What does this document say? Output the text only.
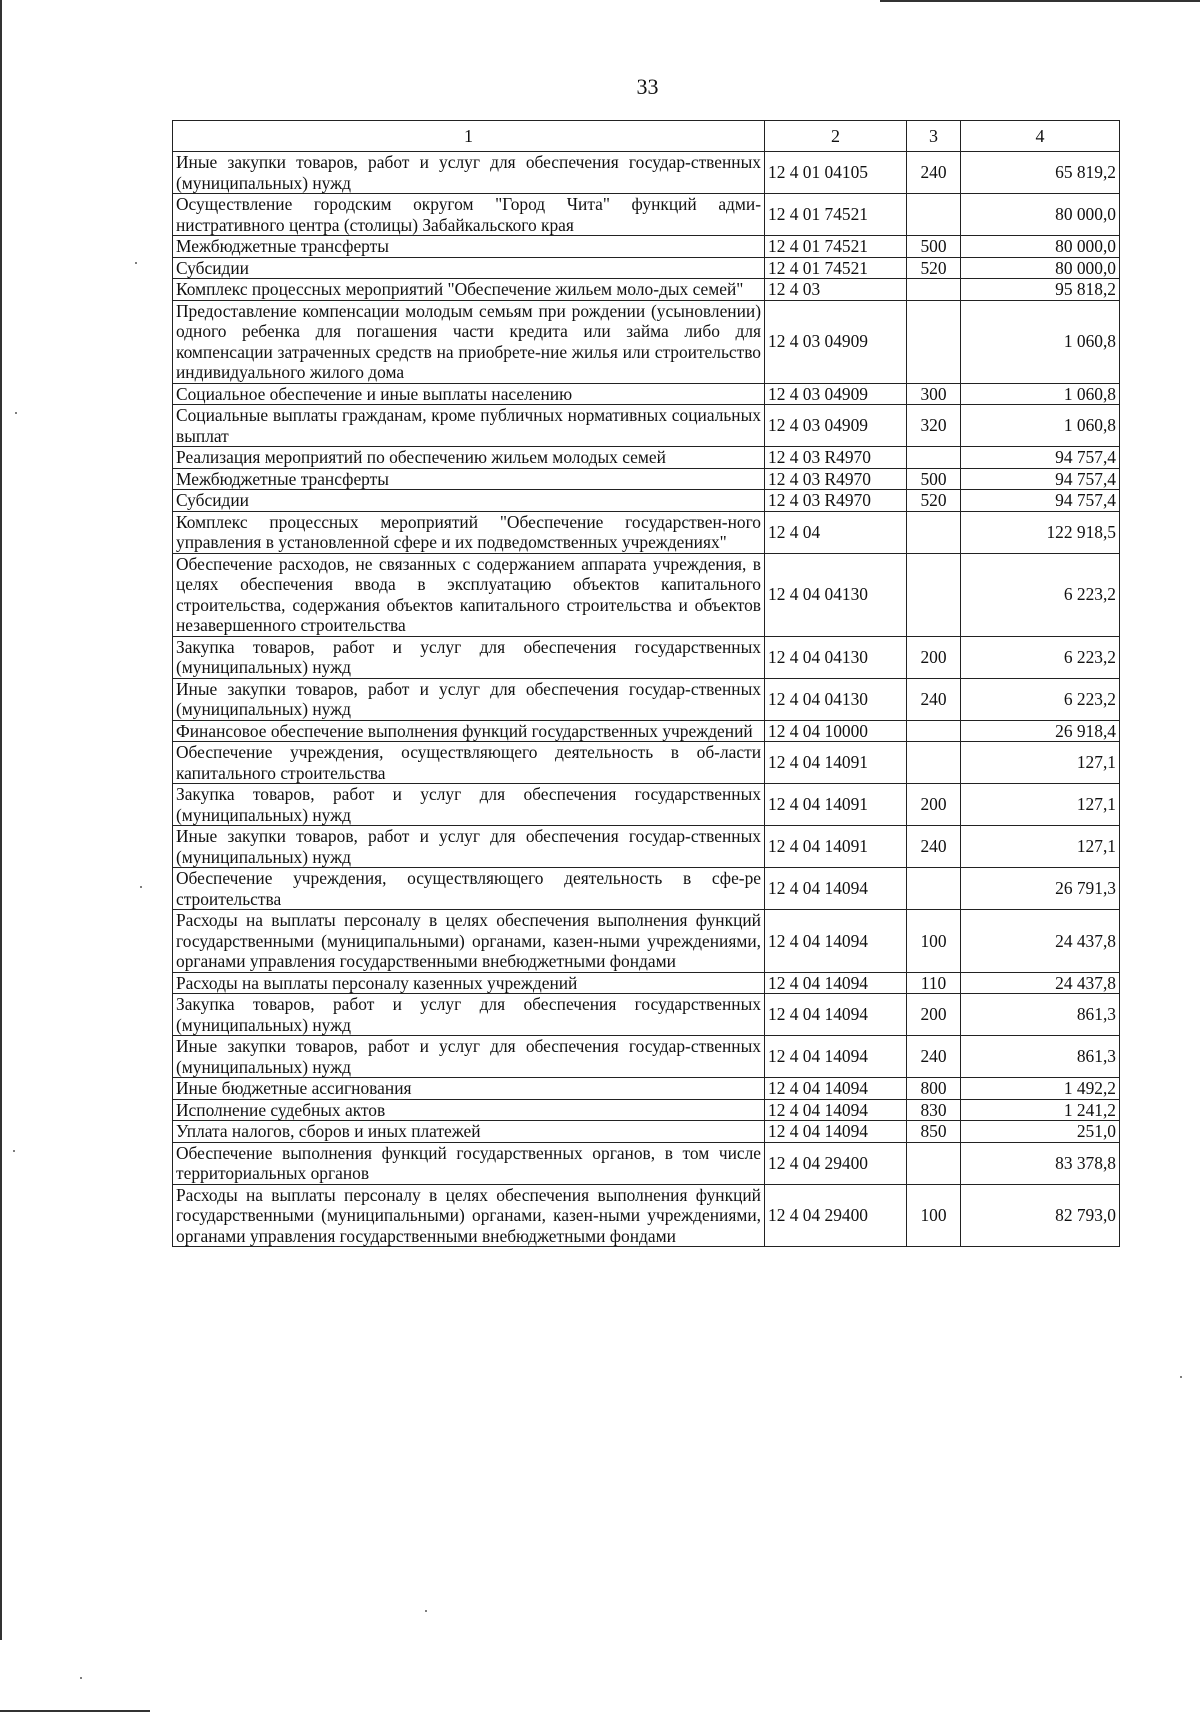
33
1	2	3	4
Иные закупки товаров, работ и услуг для обеспечения государ-ственных (муниципальных) нужд	12 4 01 04105	240	65 819,2
Осуществление городским округом "Город Чита" функций адми-нистративного центра (столицы) Забайкальского края	12 4 01 74521		80 000,0
Межбюджетные трансферты	12 4 01 74521	500	80 000,0
Субсидии	12 4 01 74521	520	80 000,0
Комплекс процессных мероприятий "Обеспечение жильем моло-дых семей"	12 4 03		95 818,2
Предоставление компенсации молодым семьям при рождении (усыновлении) одного ребенка для погашения части кредита или займа либо для компенсации затраченных средств на приобрете-ние жилья или строительство индивидуального жилого дома	12 4 03 04909		1 060,8
Социальное обеспечение и иные выплаты населению	12 4 03 04909	300	1 060,8
Социальные выплаты гражданам, кроме публичных нормативных социальных выплат	12 4 03 04909	320	1 060,8
Реализация мероприятий по обеспечению жильем молодых семей	12 4 03 R4970		94 757,4
Межбюджетные трансферты	12 4 03 R4970	500	94 757,4
Субсидии	12 4 03 R4970	520	94 757,4
Комплекс процессных мероприятий "Обеспечение государствен-ного управления в установленной сфере и их подведомственных учреждениях"	12 4 04		122 918,5
Обеспечение расходов, не связанных с содержанием аппарата учреждения, в целях обеспечения ввода в эксплуатацию объектов капитального строительства, содержания объектов капитального строительства и объектов незавершенного строительства	12 4 04 04130		6 223,2
Закупка товаров, работ и услуг для обеспечения государственных (муниципальных) нужд	12 4 04 04130	200	6 223,2
Иные закупки товаров, работ и услуг для обеспечения государ-ственных (муниципальных) нужд	12 4 04 04130	240	6 223,2
Финансовое обеспечение выполнения функций государственных учреждений	12 4 04 10000		26 918,4
Обеспечение учреждения, осуществляющего деятельность в об-ласти капитального строительства	12 4 04 14091		127,1
Закупка товаров, работ и услуг для обеспечения государственных (муниципальных) нужд	12 4 04 14091	200	127,1
Иные закупки товаров, работ и услуг для обеспечения государ-ственных (муниципальных) нужд	12 4 04 14091	240	127,1
Обеспечение учреждения, осуществляющего деятельность в сфе-ре строительства	12 4 04 14094		26 791,3
Расходы на выплаты персоналу в целях обеспечения выполнения функций государственными (муниципальными) органами, казен-ными учреждениями, органами управления государственными внебюджетными фондами	12 4 04 14094	100	24 437,8
Расходы на выплаты персоналу казенных учреждений	12 4 04 14094	110	24 437,8
Закупка товаров, работ и услуг для обеспечения государственных (муниципальных) нужд	12 4 04 14094	200	861,3
Иные закупки товаров, работ и услуг для обеспечения государ-ственных (муниципальных) нужд	12 4 04 14094	240	861,3
Иные бюджетные ассигнования	12 4 04 14094	800	1 492,2
Исполнение судебных актов	12 4 04 14094	830	1 241,2
Уплата налогов, сборов и иных платежей	12 4 04 14094	850	251,0
Обеспечение выполнения функций государственных органов, в том числе территориальных органов	12 4 04 29400		83 378,8
Расходы на выплаты персоналу в целях обеспечения выполнения функций государственными (муниципальными) органами, казен-ными учреждениями, органами управления государственными внебюджетными фондами	12 4 04 29400	100	82 793,0
